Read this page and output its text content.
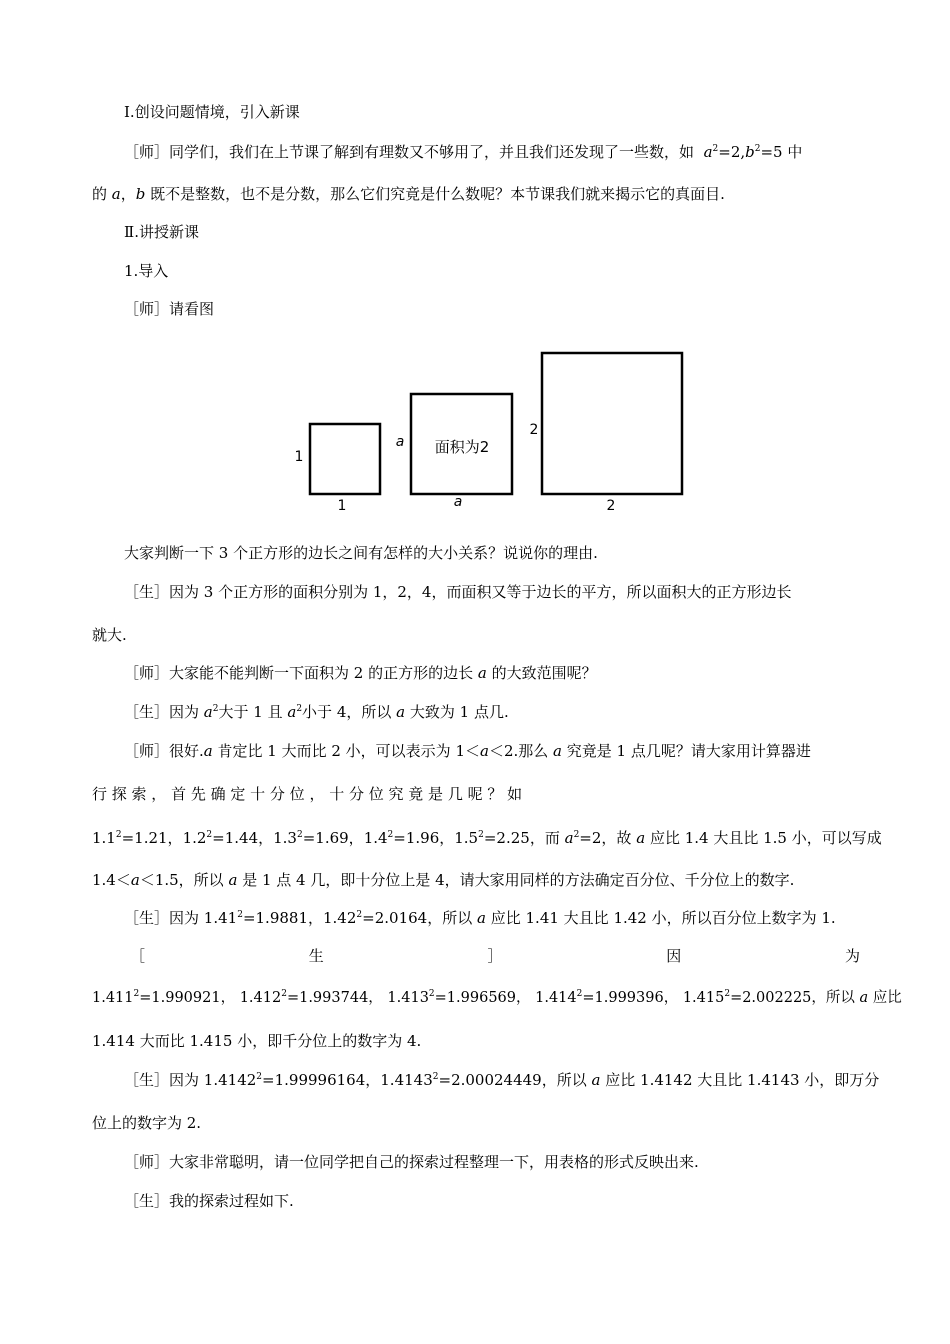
Ⅰ.创设问题情境，引入新课
［师］同学们，我们在上节课了解到有理数又不够用了，并且我们还发现了一些数，如 $a^2=2,b^2=5$ 中
的 a，b 既不是整数，也不是分数，那么它们究竟是什么数呢？本节课我们就来揭示它的真面目.
Ⅱ.讲授新课
1.导入
［师］请看图
1
1
a
a
面积为2
2
2
大家判断一下 3 个正方形的边长之间有怎样的大小关系？说说你的理由.
［生］因为 3 个正方形的面积分别为 1，2，4，而面积又等于边长的平方，所以面积大的正方形边长
就大.
［师］大家能不能判断一下面积为 2 的正方形的边长 a 的大致范围呢？
［生］因为 $a^2$大于 1 且 $a^2$小于 4，所以 a 大致为 1 点几.
［师］很好.a 肯定比 1 大而比 2 小，可以表示为 1＜a＜2.那么 a 究竟是 1 点几呢？请大家用计算器进
行 探 索 ， 首 先 确 定 十 分 位 ， 十 分 位 究 竟 是 几 呢 ？ 如
$1.1^2=1.21$，$1.2^2=1.44$，$1.3^2=1.69$，$1.4^2=1.96$，$1.5^2=2.25$，而 $a^2=2$，故 a 应比 1.4 大且比 1.5 小，可以写成
1.4＜a＜1.5，所以 a 是 1 点 4 几，即十分位上是 4，请大家用同样的方法确定百分位、千分位上的数字.
［生］因为 $1.41^2=1.9881$，$1.42^2=2.0164$，所以 a 应比 1.41 大且比 1.42 小，所以百分位上数字为 1.
［	生	］	因	为
$1.411^2=1.990921$， $1.412^2=1.993744$， $1.413^2=1.996569$， $1.414^2=1.999396$， $1.415^2=2.002225$，所以 a 应比
1.414 大而比 1.415 小，即千分位上的数字为 4.
［生］因为 $1.4142^2=1.99996164$，$1.4143^2=2.00024449$，所以 a 应比 1.4142 大且比 1.4143 小，即万分
位上的数字为 2.
［师］大家非常聪明，请一位同学把自己的探索过程整理一下，用表格的形式反映出来.
［生］我的探索过程如下.
